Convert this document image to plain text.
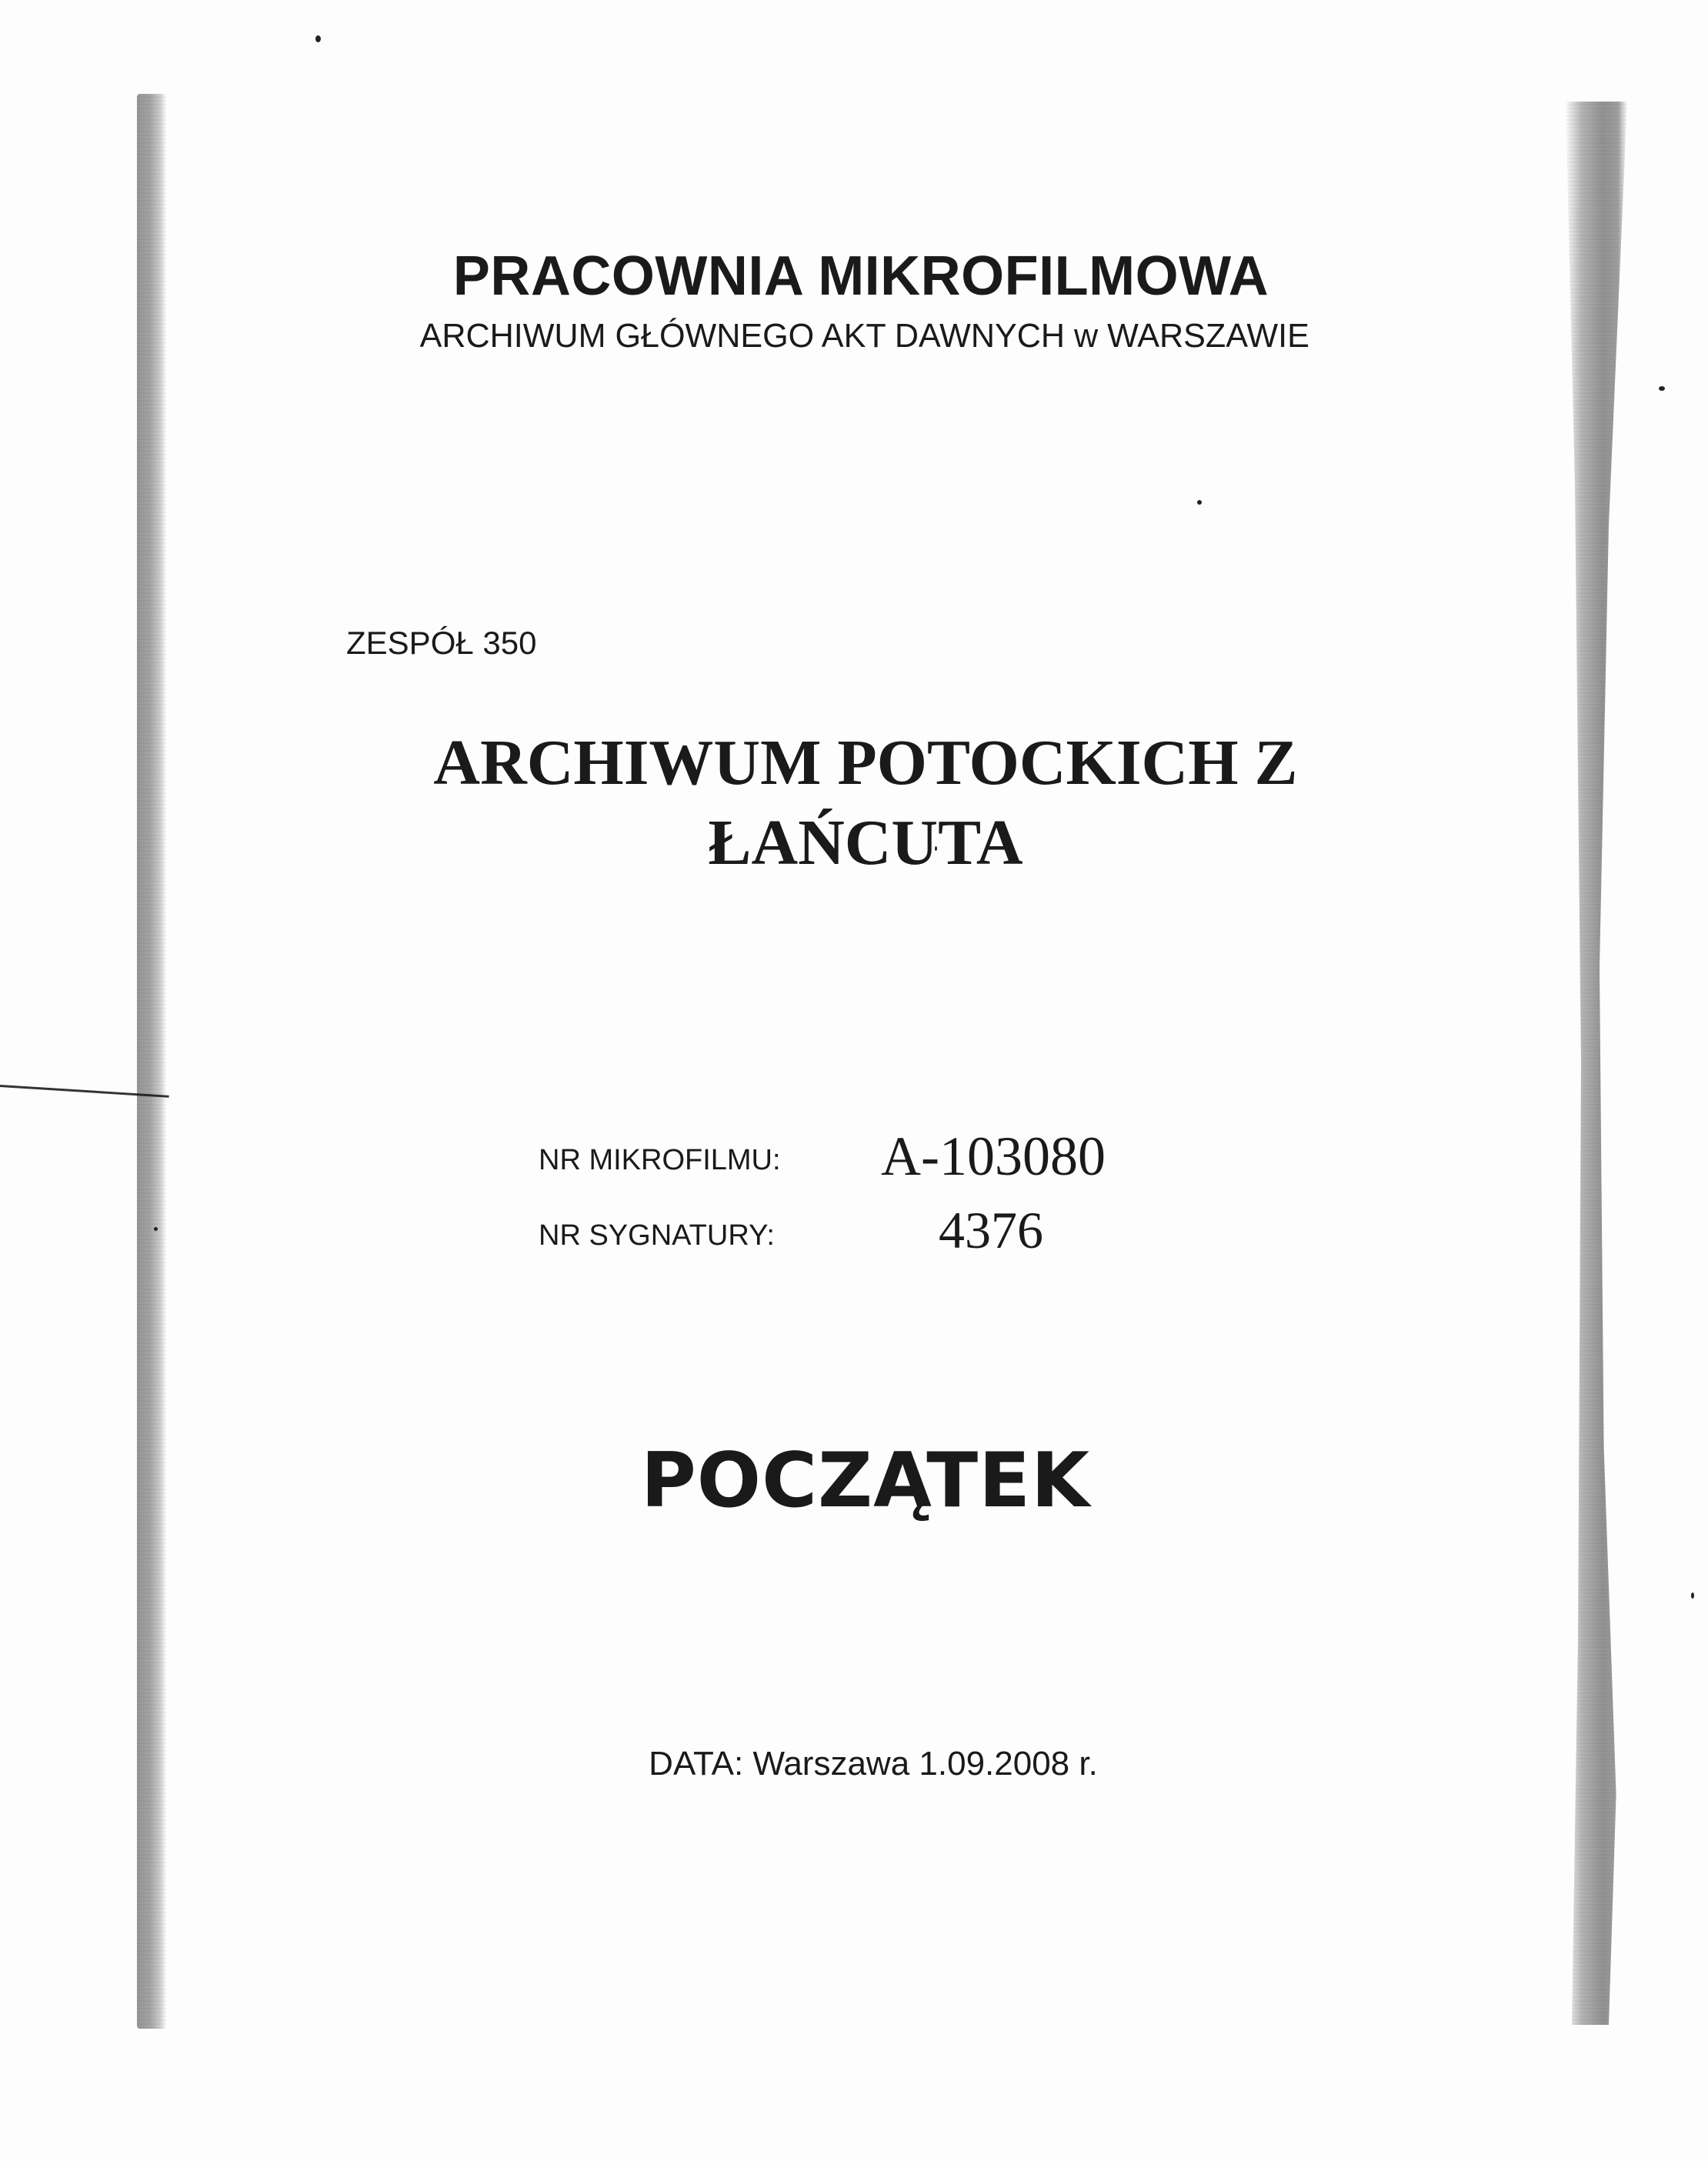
PRACOWNIA MIKROFILMOWA
ARCHIWUM GŁÓWNEGO AKT DAWNYCH w WARSZAWIE
ZESPÓŁ 350
ARCHIWUM POTOCKICH Z
ŁAŃCUTA
NR MIKROFILMU: A-103080
NR SYGNATURY:	4376
POCZĄTEK
DATA: Warszawa 1.09.2008 r.
